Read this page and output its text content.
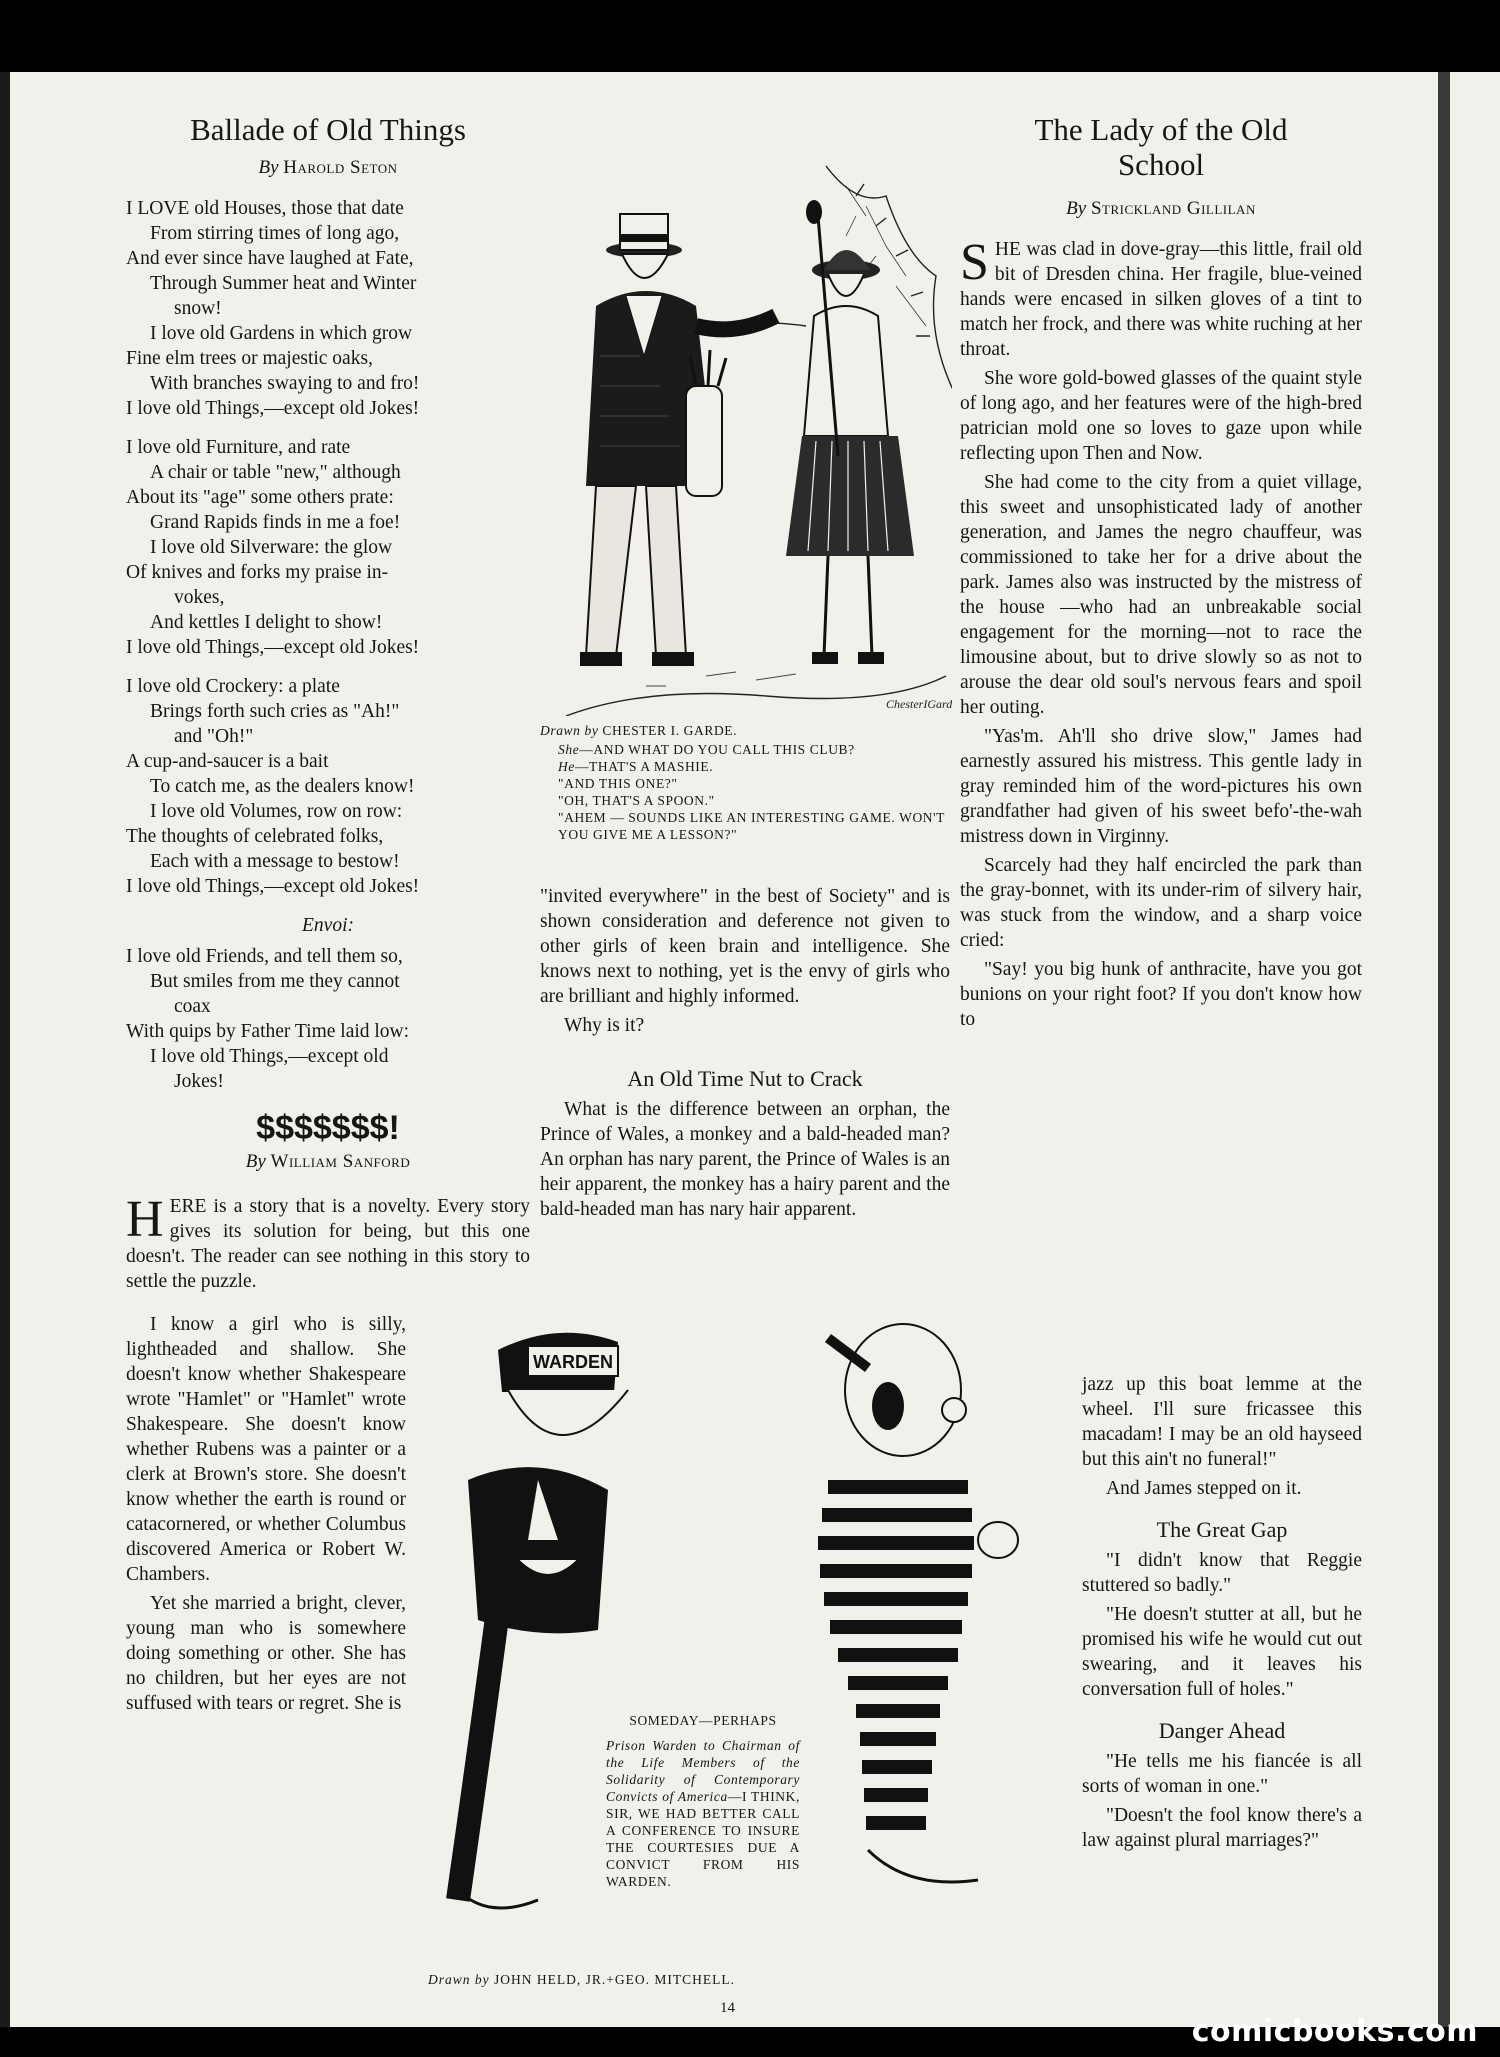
Ballade of Old Things
By Harold Seton
I LOVE old Houses, those that date
From stirring times of long ago,
And ever since have laughed at Fate,
Through Summer heat and Winter
snow!
I love old Gardens in which grow
Fine elm trees or majestic oaks,
With branches swaying to and fro!
I love old Things,—except old Jokes!
I love old Furniture, and rate
A chair or table "new," although
About its "age" some others prate:
Grand Rapids finds in me a foe!
I love old Silverware: the glow
Of knives and forks my praise in-
vokes,
And kettles I delight to show!
I love old Things,—except old Jokes!
I love old Crockery: a plate
Brings forth such cries as "Ah!"
and "Oh!"
A cup-and-saucer is a bait
To catch me, as the dealers know!
I love old Volumes, row on row:
The thoughts of celebrated folks,
Each with a message to bestow!
I love old Things,—except old Jokes!
Envoi:
I love old Friends, and tell them so,
But smiles from me they cannot
coax
With quips by Father Time laid low:
I love old Things,—except old
Jokes!
$$$$$$$!
By William Sanford

HERE is a story that is a novelty. Every story gives its solution for being, but this one doesn't. The reader can see nothing in this story to settle the puzzle.

I know a girl who is silly, lightheaded and shallow. She doesn't know whether Shakespeare wrote "Hamlet" or "Hamlet" wrote Shakespeare. She doesn't know whether Rubens was a painter or a clerk at Brown's store. She doesn't know whether the earth is round or catacornered, or whether Columbus discovered America or Robert W. Chambers.

Yet she married a bright, clever, young man who is somewhere doing something or other. She has no children, but her eyes are not suffused with tears or regret. She is

ChesterIGarde
Drawn by CHESTER I. GARDE.
She—AND WHAT DO YOU CALL THIS CLUB?
He—THAT'S A MASHIE.
"AND THIS ONE?"
"OH, THAT'S A SPOON."
"AHEM — SOUNDS LIKE AN INTERESTING GAME. WON'T YOU GIVE ME A LESSON?"

"invited everywhere" in the best of Society" and is shown consideration and deference not given to other girls of keen brain and intelligence. She knows next to nothing, yet is the envy of girls who are brilliant and highly informed.

Why is it?

An Old Time Nut to Crack

What is the difference between an orphan, the Prince of Wales, a monkey and a bald-headed man? An orphan has nary parent, the Prince of Wales is an heir apparent, the monkey has a hairy parent and the bald-headed man has nary hair apparent.

WARDEN
SOMEDAY—PERHAPS
Prison Warden to Chairman of the Life Members of the Solidarity of Contemporary Convicts of America—I THINK, SIR, WE HAD BETTER CALL A CONFERENCE TO INSURE THE COURTESIES DUE A CONVICT FROM HIS WARDEN.
Drawn by JOHN HELD, JR.+GEO. MITCHELL.
14
The Lady of the Old
School
By Strickland Gillilan

SHE was clad in dove-gray—this little, frail old bit of Dresden china. Her fragile, blue-veined hands were encased in silken gloves of a tint to match her frock, and there was white ruching at her throat.

She wore gold-bowed glasses of the quaint style of long ago, and her features were of the high-bred patrician mold one so loves to gaze upon while reflecting upon Then and Now.

She had come to the city from a quiet village, this sweet and unsophisticated lady of another generation, and James the negro chauffeur, was commissioned to take her for a drive about the park. James also was instructed by the mistress of the house —who had an unbreakable social engagement for the morning—not to race the limousine about, but to drive slowly so as not to arouse the dear old soul's nervous fears and spoil her outing.

"Yas'm. Ah'll sho drive slow," James had earnestly assured his mistress. This gentle lady in gray reminded him of the word-pictures his own grandfather had given of his sweet befo'-the-wah mistress down in Virginny.

Scarcely had they half encircled the park than the gray-bonnet, with its under-rim of silvery hair, was stuck from the window, and a sharp voice cried:

"Say! you big hunk of anthracite, have you got bunions on your right foot? If you don't know how to

jazz up this boat lemme at the wheel. I'll sure fricassee this macadam! I may be an old hayseed but this ain't no funeral!"

And James stepped on it.

The Great Gap

"I didn't know that Reggie stuttered so badly."

"He doesn't stutter at all, but he promised his wife he would cut out swearing, and it leaves his conversation full of holes."

Danger Ahead

"He tells me his fiancée is all sorts of woman in one."

"Doesn't the fool know there's a law against plural marriages?"

comicbooks.com
